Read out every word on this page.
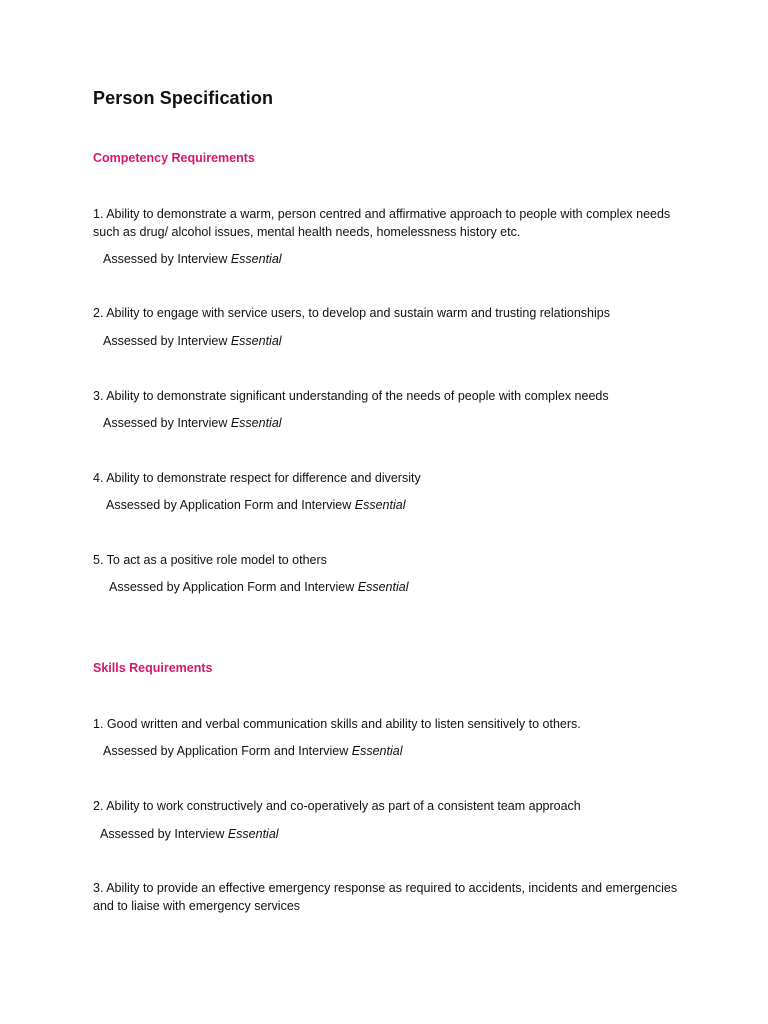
Person Specification
Competency Requirements
1. Ability to demonstrate a warm, person centred and affirmative approach to people with complex needs such as drug/ alcohol issues, mental health needs, homelessness history etc.
Assessed by Interview Essential
2. Ability to engage with service users, to develop and sustain warm and trusting relationships
Assessed by Interview Essential
3. Ability to demonstrate significant understanding of the needs of people with complex needs
Assessed by Interview Essential
4. Ability to demonstrate respect for difference and diversity
Assessed by Application Form and Interview Essential
5. To act as a positive role model to others
Assessed by Application Form and Interview Essential
Skills Requirements
1. Good written and verbal communication skills and ability to listen sensitively to others.
Assessed by Application Form and Interview Essential
2. Ability to work constructively and co-operatively as part of a consistent team approach
Assessed by Interview Essential
3. Ability to provide an effective emergency response as required to accidents, incidents and emergencies and to liaise with emergency services
